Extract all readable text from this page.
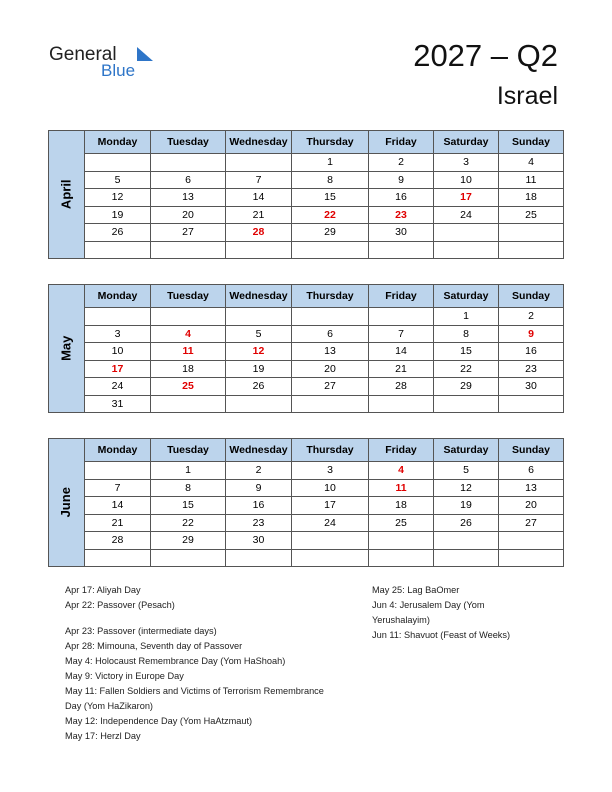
General
Blue	2027 – Q2
Israel
April	Monday	Tuesday	Wednesday	Thursday	Friday	Saturday	Sunday
				1	2	3	4
	5	6	7	8	9	10	11
	12	13	14	15	16	17	18
	19	20	21	22	23	24	25
	26	27	28	29	30		

May	Monday	Tuesday	Wednesday	Thursday	Friday	Saturday	Sunday
						1	2
	3	4	5	6	7	8	9
	10	11	12	13	14	15	16
	17	18	19	20	21	22	23
	24	25	26	27	28	29	30
	31						
June	Monday	Tuesday	Wednesday	Thursday	Friday	Saturday	Sunday
		1	2	3	4	5	6
	7	8	9	10	11	12	13
	14	15	16	17	18	19	20
	21	22	23	24	25	26	27
	28	29	30				

Apr 17: Aliyah Day
Apr 22: Passover (Pesach)
Apr 23: Passover (intermediate days)
Apr 28: Mimouna, Seventh day of Passover
May 4: Holocaust Remembrance Day (Yom HaShoah)
May 9: Victory in Europe Day
May 11: Fallen Soldiers and Victims of Terrorism Remembrance
Day (Yom HaZikaron)
May 12: Independence Day (Yom HaAtzmaut)
May 17: Herzl Day
May 25: Lag BaOmer
Jun 4: Jerusalem Day (Yom
Yerushalayim)
Jun 11: Shavuot (Feast of Weeks)
